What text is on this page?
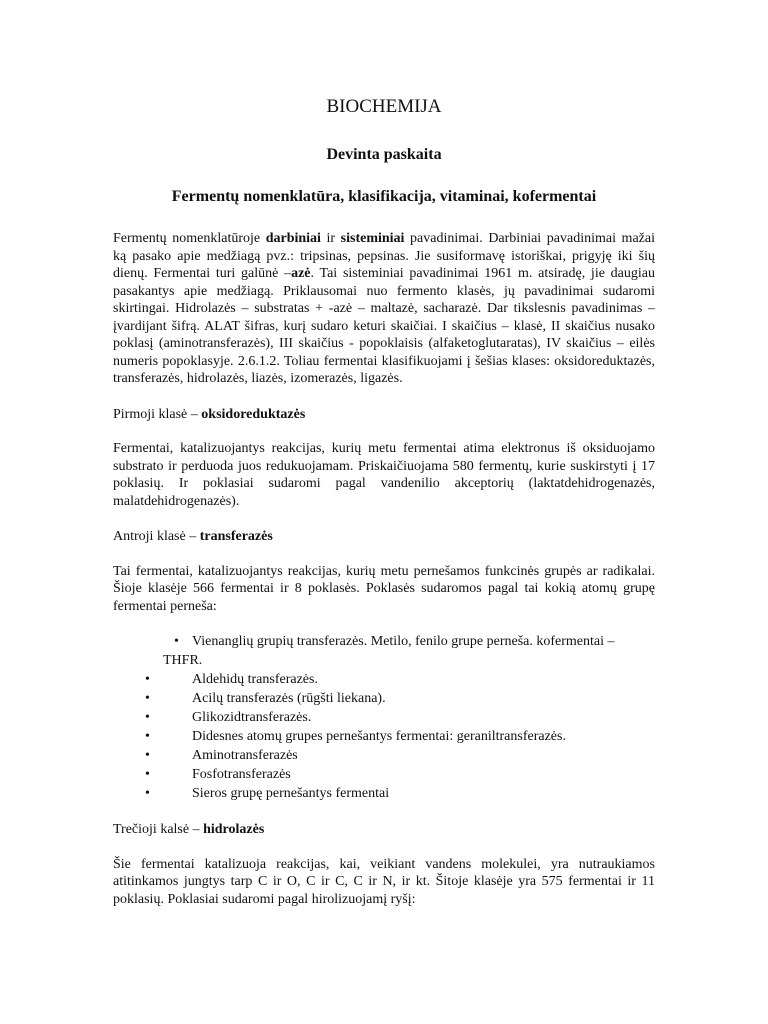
BIOCHEMIJA
Devinta paskaita
Fermentų nomenklatūra, klasifikacija, vitaminai, kofermentai

Fermentų nomenklatūroje darbiniai ir sisteminiai pavadinimai. Darbiniai pavadinimai mažai ką pasako apie medžiagą pvz.: tripsinas, pepsinas. Jie susiformavę istoriškai, prigyję iki šių dienų. Fermentai turi galūnė –azė. Tai sisteminiai pavadinimai 1961 m. atsiradę, jie daugiau pasakantys apie medžiagą. Priklausomai nuo fermento klasės, jų pavadinimai sudaromi skirtingai. Hidrolazės – substratas + -azė – maltazė, sacharazė. Dar tikslesnis pavadinimas – įvardijant šifrą. ALAT šifras, kurį sudaro keturi skaičiai. I skaičius – klasė, II skaičius nusako poklasį (aminotransferazės), III skaičius - popoklaisis (alfaketoglutaratas), IV skaičius – eilės numeris popoklasyje. 2.6.1.2. Toliau fermentai klasifikuojami į šešias klases: oksidoreduktazės, transferazės, hidrolazės, liazės, izomerazės, ligazės.

Pirmoji klasė – oksidoreduktazės

Fermentai, katalizuojantys reakcijas, kurių metu fermentai atima elektronus iš oksiduojamo substrato ir perduoda juos redukuojamam. Priskaičiuojama 580 fermentų, kurie suskirstyti į 17 poklasių. Ir poklasiai sudaromi pagal vandenilio akceptorių (laktatdehidrogenazės, malatdehidrogenazės).

Antroji klasė – transferazės

Tai fermentai, katalizuojantys reakcijas, kurių metu pernešamos funkcinės grupės ar radikalai. Šioje klasėje 566 fermentai ir 8 poklasės. Poklasės sudaromos pagal tai kokią atomų grupę fermentai perneša:

• Vienanglių grupių transferazės. Metilo, fenilo grupe perneša. kofermentai – THFR.
•	Aldehidų transferazės.
•	Acilų transferazės (rūgšti liekana).
•	Glikozidtransferazės.
•	Didesnes atomų grupes pernešantys fermentai: geraniltransferazės.
•	Aminotransferazės
•	Fosfotransferazės
•	Sieros grupę pernešantys fermentai

Trečioji kalsė – hidrolazės

Šie fermentai katalizuoja reakcijas, kai, veikiant vandens molekulei, yra nutraukiamos atitinkamos jungtys tarp C ir O, C ir C, C ir N, ir kt. Šitoje klasėje yra 575 fermentai ir 11 poklasių. Poklasiai sudaromi pagal hirolizuojamį ryšį:
